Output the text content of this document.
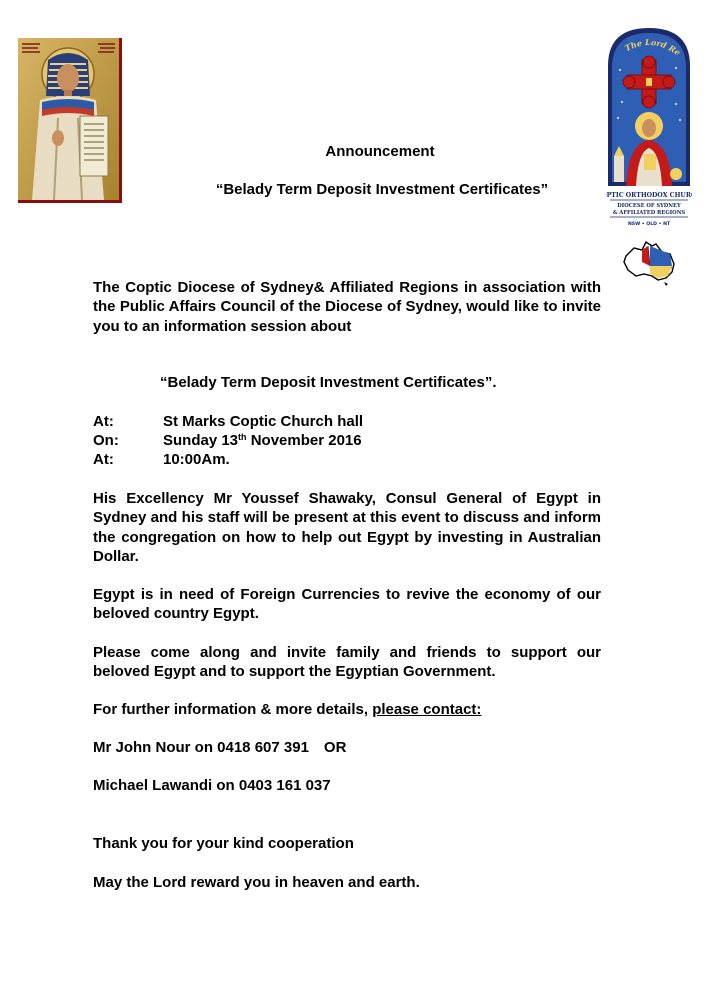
The Lord Re
PTIC ORTHODOX CHUR
DIOCESE OF SYDNEY
& AFFILIATED REGIONS
NSW • QLD • NT
Announcement
“Belady Term Deposit Investment Certificates”

The Coptic Diocese of Sydney& Affiliated Regions in association with the Public Affairs Council of the Diocese of Sydney, would like to invite you to an information session about

“Belady Term Deposit Investment Certificates”.
At:	St Marks Coptic Church hall
On:	Sunday 13th November 2016
At:	10:00Am.

His Excellency Mr Youssef Shawaky, Consul General of Egypt in Sydney and his staff will be present at this event to discuss and inform the congregation on how to help out Egypt by investing in Australian Dollar.

Egypt is in need of Foreign Currencies to revive the economy of our beloved country Egypt.

Please come along and invite family and friends to support our beloved Egypt and to support the Egyptian Government.

For further information & more details, please contact:
Mr John Nour on 0418 607 391 OR
Michael Lawandi on 0403 161 037
Thank you for your kind cooperation
May the Lord reward you in heaven and earth.
